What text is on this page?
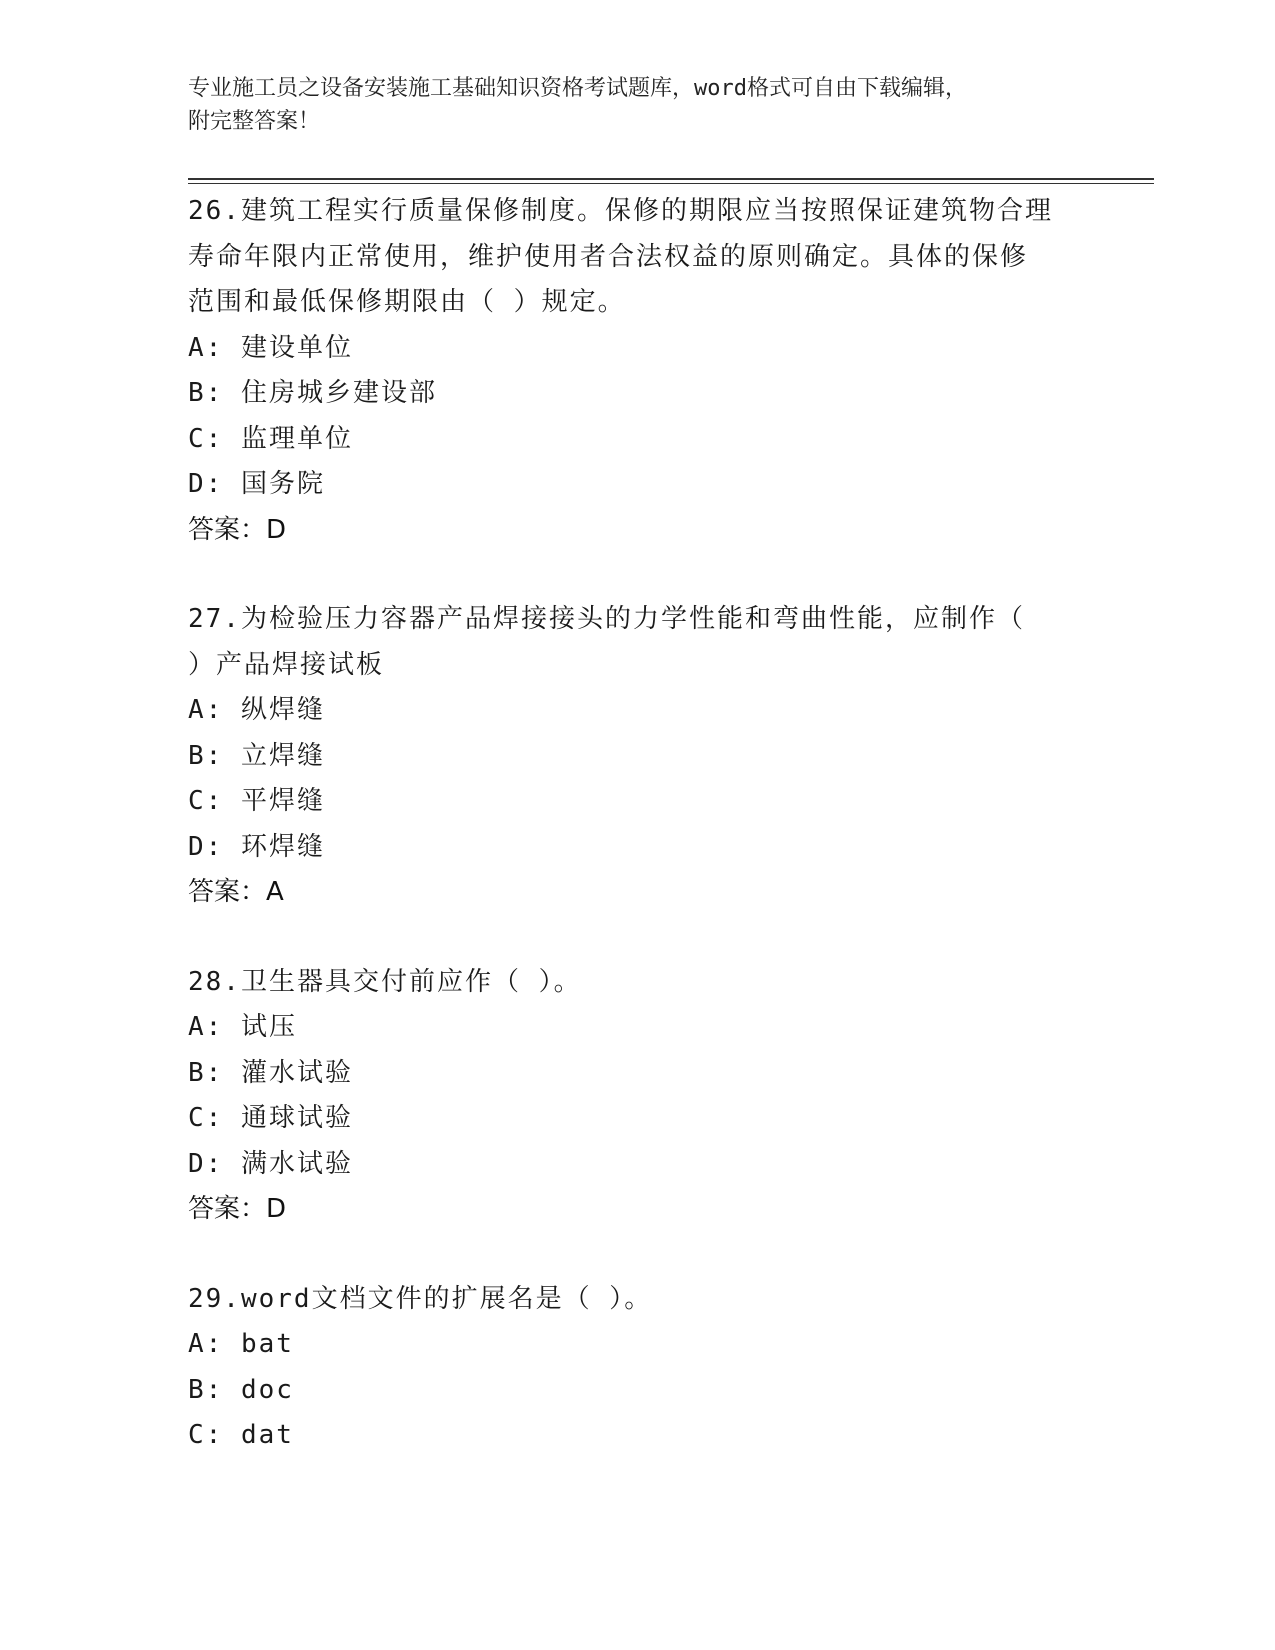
专业施工员之设备安装施工基础知识资格考试题库，word格式可自由下载编辑，
附完整答案！

26.建筑工程实行质量保修制度。保修的期限应当按照保证建筑物合理
寿命年限内正常使用，维护使用者合法权益的原则确定。具体的保修
范围和最低保修期限由（ ）规定。

A: 建设单位

B: 住房城乡建设部

C: 监理单位

D: 国务院

答案：D

27.为检验压力容器产品焊接接头的力学性能和弯曲性能，应制作（
）产品焊接试板

A: 纵焊缝

B: 立焊缝

C: 平焊缝

D: 环焊缝

答案：A

28.卫生器具交付前应作（ ）。

A: 试压

B: 灌水试验

C: 通球试验

D: 满水试验

答案：D

29.word文档文件的扩展名是（ ）。

A: bat

B: doc

C: dat
